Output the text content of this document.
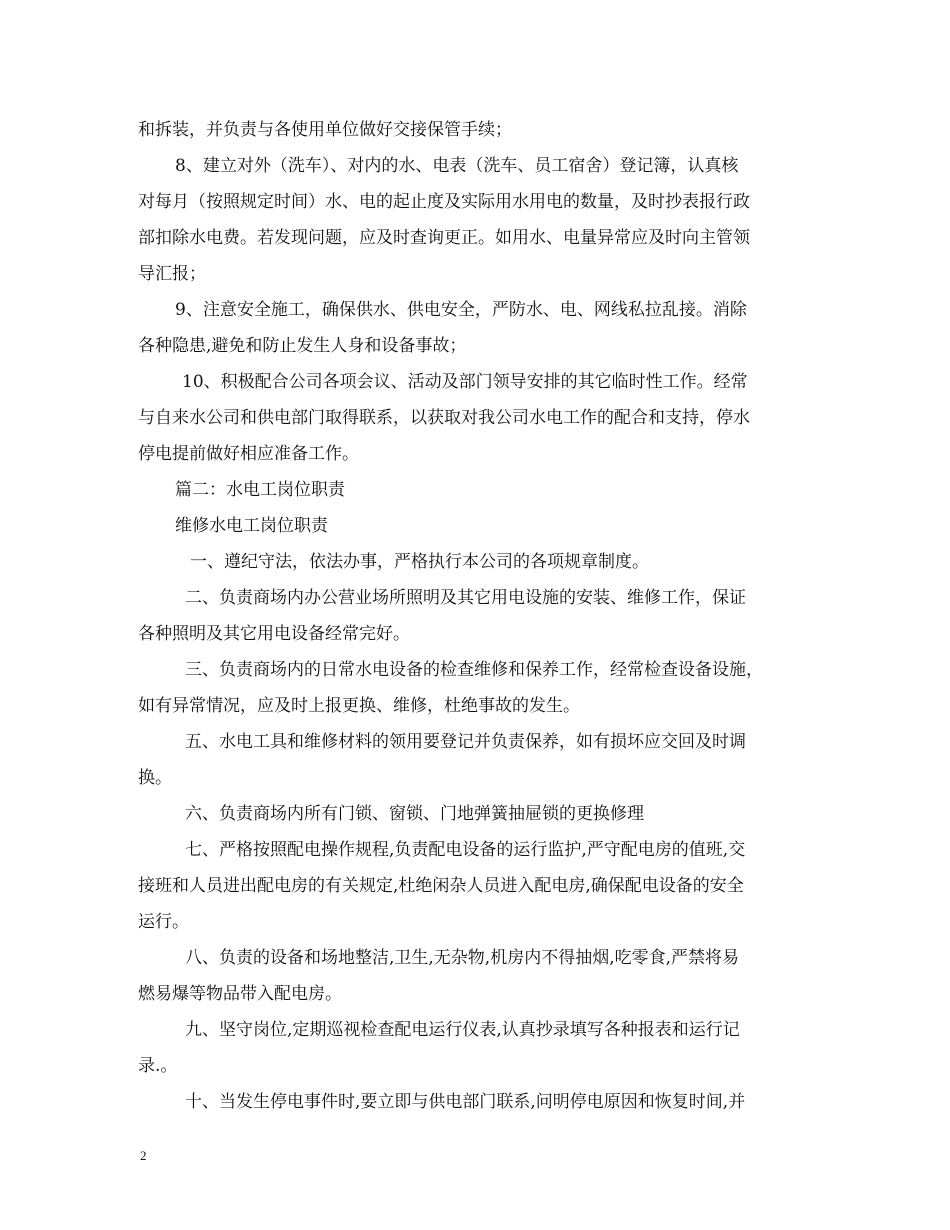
和拆装，并负责与各使用单位做好交接保管手续；
8、建立对外（洗车）、对内的水、电表（洗车、员工宿舍）登记簿，认真核
对每月（按照规定时间）水、电的起止度及实际用水用电的数量，及时抄表报行政
部扣除水电费。若发现问题，应及时查询更正。如用水、电量异常应及时向主管领
导汇报；
9、注意安全施工，确保供水、供电安全，严防水、电、网线私拉乱接。消除
各种隐患,避免和防止发生人身和设备事故；
10、积极配合公司各项会议、活动及部门领导安排的其它临时性工作。经常
与自来水公司和供电部门取得联系，以获取对我公司水电工作的配合和支持，停水
停电提前做好相应准备工作。
篇二：水电工岗位职责
维修水电工岗位职责
一、遵纪守法，依法办事，严格执行本公司的各项规章制度。
二、负责商场内办公营业场所照明及其它用电设施的安装、维修工作，保证
各种照明及其它用电设备经常完好。
三、负责商场内的日常水电设备的检查维修和保养工作，经常检查设备设施，
如有异常情况，应及时上报更换、维修，杜绝事故的发生。
五、水电工具和维修材料的领用要登记并负责保养，如有损坏应交回及时调
换。
六、负责商场内所有门锁、窗锁、门地弹簧抽屉锁的更换修理
七、严格按照配电操作规程,负责配电设备的运行监护,严守配电房的值班,交
接班和人员进出配电房的有关规定,杜绝闲杂人员进入配电房,确保配电设备的安全
运行。
八、负责的设备和场地整洁,卫生,无杂物,机房内不得抽烟,吃零食,严禁将易
燃易爆等物品带入配电房。
九、坚守岗位,定期巡视检查配电运行仪表,认真抄录填写各种报表和运行记
录.。
十、当发生停电事件时,要立即与供电部门联系,问明停电原因和恢复时间,并
2
